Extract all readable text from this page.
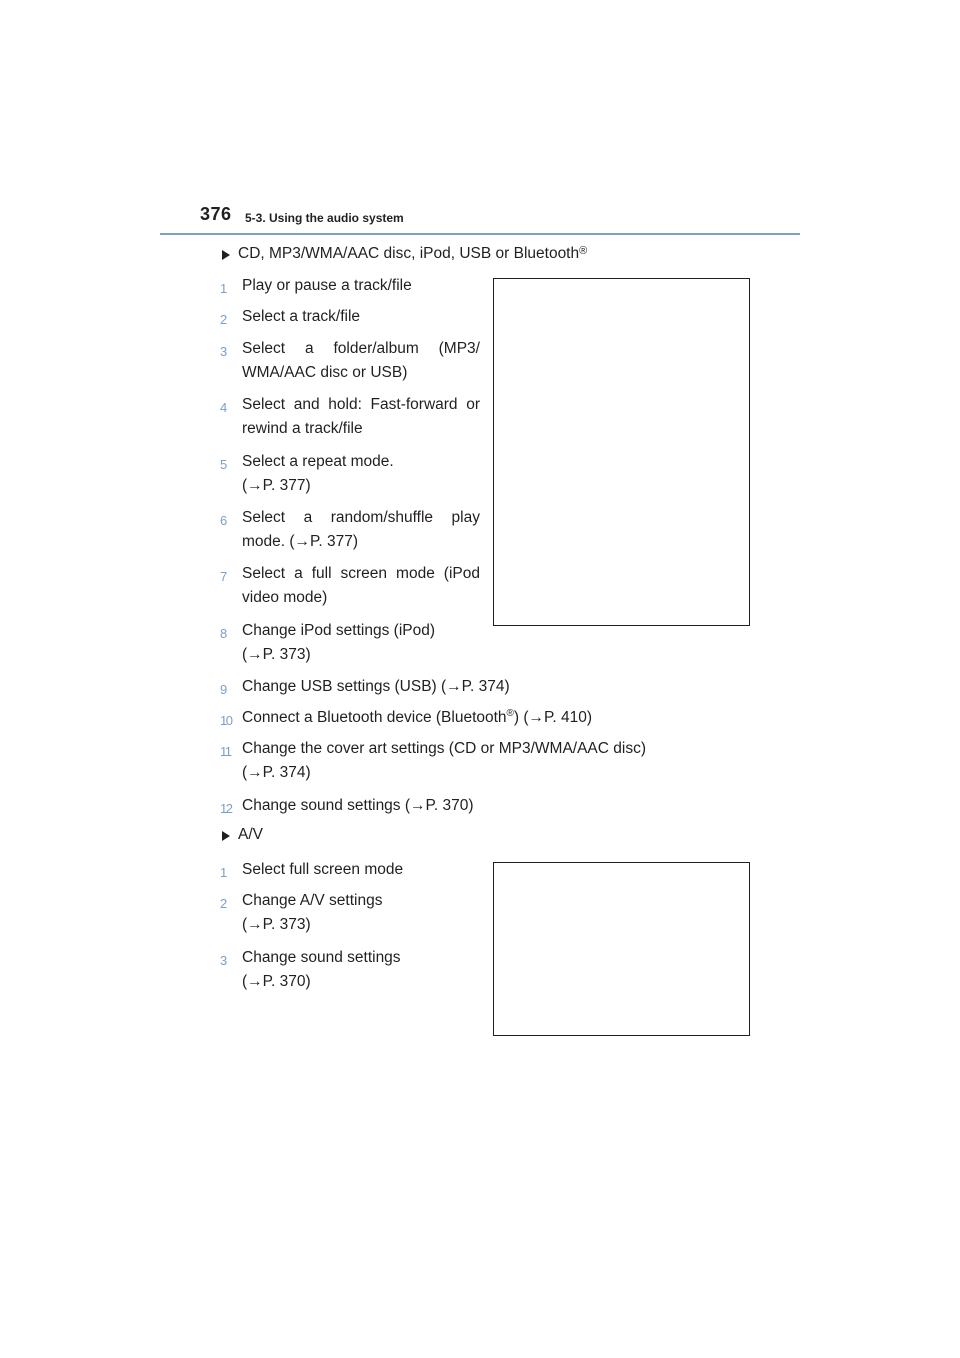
376 5-3. Using the audio system
CD, MP3/WMA/AAC disc, iPod, USB or Bluetooth ®
1 Play or pause a track/file
2 Select a track/file
3 Select a folder/album (MP3/
WMA/AAC disc or USB)
4 Select and hold: Fast-forward or
rewind a track/file
5 Select a repeat mode.
(→P. 377)
6 Select a random/shuffle play
mode. (→P. 377)
7 Select a full screen mode (iPod
video mode)
8 Change iPod settings (iPod)
(→P. 373)
9 Change USB settings (USB) (→P. 374)
10 Connect a Bluetooth device (Bluetooth®) (→P. 410)
11 Change the cover art settings (CD or MP3/WMA/AAC disc)
(→P. 374)
12 Change sound settings (→P. 370)
A/V
1 Select full screen mode
2 Change A/V settings
(→P. 373)
3 Change sound settings
(→P. 370)
